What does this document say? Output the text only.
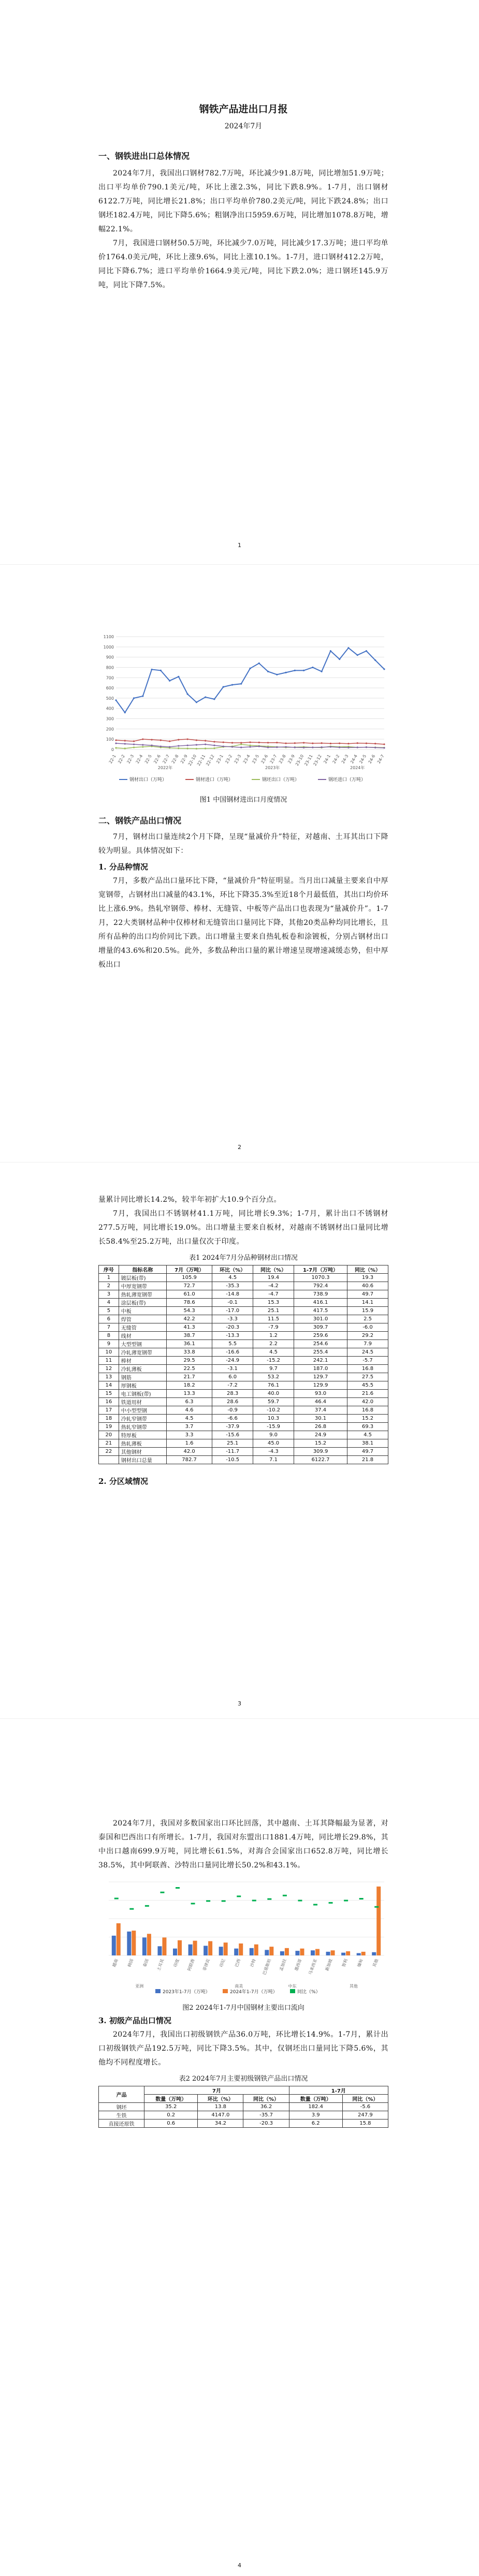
钢铁产品进出口月报

2024年7月

一、钢铁进出口总体情况

2024年7月，我国出口钢材782.7万吨，环比减少91.8万吨，同比增加51.9万吨；出口平均单价790.1美元/吨，环比上涨2.3%，同比下跌8.9%。1-7月，出口钢材6122.7万吨，同比增长21.8%；出口平均单价780.2美元/吨，同比下跌24.8%；出口钢坯182.4万吨，同比下降5.6%；粗钢净出口5959.6万吨，同比增加1078.8万吨，增幅22.1%。

7月，我国进口钢材50.5万吨，环比减少7.0万吨，同比减少17.3万吨；进口平均单价1764.0美元/吨，环比上涨9.6%，同比上涨10.1%。1-7月，进口钢材412.2万吨，同比下降6.7%；进口平均单价1664.9美元/吨，同比下跌2.0%；进口钢坯145.9万吨，同比下降7.5%。

1
0
100
200
300
400
500
600
700
800
900
1000
1100
22-1 22-2 22-3 22-4 22-5 22-6 22-7 22-8 22-9
22-10
22-11
22-12 23-1 23-2 23-3 23-4 23-5 23-6 23-7 23-8 23-9
23-10
23-11
23-12 24-1 24-2 24-3 24-4 24-5 24-6 24-7
2022年	2023年	2024年
钢材出口（万吨）	钢材进口（万吨）	钢坯出口（万吨）	钢坯进口（万吨）

图1 中国钢材进出口月度情况

二、钢铁产品出口情况

7月，钢材出口量连续2个月下降，呈现“量减价升”特征，对越南、土耳其出口下降较为明显。具体情况如下：

1. 分品种情况

7月，多数产品出口量环比下降，“量减价升”特征明显。当月出口减量主要来自中厚宽钢带，占钢材出口减量的43.1%，环比下降35.3%至近18个月最低值，其出口均价环比上涨6.9%。热轧窄钢带、棒材、无缝管、中板等产品出口也表现为“量减价升”。1-7月，22大类钢材品种中仅棒材和无缝管出口量同比下降，其他20类品种均同比增长，且所有品种的出口均价同比下跌。出口增量主要来自热轧板卷和涂镀板，分别占钢材出口增量的43.6%和20.5%。此外，多数品种出口量的累计增速呈现增速减缓态势，但中厚板出口

2

量累计同比增长14.2%，较半年初扩大10.9个百分点。

7月，我国出口不锈钢材41.1万吨，同比增长9.3%；1-7月，累计出口不锈钢材277.5万吨，同比增长19.0%。出口增量主要来自板材，对越南不锈钢材出口量同比增长58.4%至25.2万吨，出口量仅次于印度。

表1 2024年7月分品种钢材出口情况

序号	指标名称	7月（万吨）	环比（%）	同比（%）	1-7月（万吨）	同比（%）
1	镀层板(带)	105.9	4.5	19.4	1070.3	19.3
2	中厚宽钢带	72.7	-35.3	-4.2	792.4	40.6
3	热轧薄宽钢带	61.0	-14.8	-4.7	738.9	49.7
4	涂层板(带)	78.6	-0.1	15.3	416.1	14.1
5	中板	54.3	-17.0	25.1	417.5	15.9
6	焊管	42.2	-3.3	11.5	301.0	2.5
7	无缝管	41.3	-20.3	-7.9	309.7	-6.0
8	线材	38.7	-13.3	1.2	259.6	29.2
9	大型型钢	36.1	5.5	2.2	254.6	7.9
10	冷轧薄宽钢带	33.8	-16.6	4.5	255.4	24.5
11	棒材	29.5	-24.9	-15.2	242.1	-5.7
12	冷轧薄板	22.5	-3.1	9.7	187.0	16.8
13	钢筋	21.7	6.0	53.2	129.7	27.5
14	厚钢板	18.2	-7.2	76.1	129.9	45.5
15	电工钢板(带)	13.3	28.3	40.0	93.0	21.6
16	铁道用材	6.3	28.6	59.7	46.4	42.0
17	中小型型钢	4.6	-0.9	-10.2	37.4	16.8
18	冷轧窄钢带	4.5	-6.6	10.3	30.1	15.2
19	热轧窄钢带	3.7	-37.9	-15.9	26.8	69.3
20	特厚板	3.3	-15.6	9.0	24.9	4.5
21	热轧薄板	1.6	25.1	45.0	15.2	38.1
22	其他钢材	42.0	-11.7	-4.3	309.9	49.7
	钢材出口总量	782.7	-10.5	7.1	6122.7	21.8

2. 分区域情况

3

2024年7月，我国对多数国家出口环比回落，其中越南、土耳其降幅最为显著，对泰国和巴西出口有所增长。1-7月，我国对东盟出口1881.4万吨，同比增长29.8%，其中出口越南699.9万吨，同比增长61.5%，对海合会国家出口652.8万吨，同比增长38.5%，其中阿联酋、沙特出口量同比增长50.2%和43.1%。

越南 韩国 泰国 土耳其 印度 阿联酋 菲律宾 印尼 巴西 沙特 巴基斯坦 孟加拉 墨西哥 马来西亚 新加坡 智利 缅甸 其他
亚洲	南美	中东	其他
2023年1-7月（万吨）	2024年1-7月（万吨）	同比（%）

图2 2024年1-7月中国钢材主要出口流向

3. 初级产品出口情况

2024年7月，我国出口初级钢铁产品36.0万吨，环比增长14.9%。1-7月，累计出口初级钢铁产品192.5万吨，同比下降3.5%。其中，仅钢坯出口量同比下降5.6%，其他均不同程度增长。

表2 2024年7月主要初级钢铁产品出口情况

产品	7月			1-7月	
	数量（万吨）	环比（%）	同比（%）	数量（万吨）	同比（%）
钢坯	35.2	13.8	36.2	182.4	-5.6
生铁	0.2	4147.0	-35.7	3.9	247.9
直接还原铁	0.6	34.2	-20.3	6.2	15.8
4
